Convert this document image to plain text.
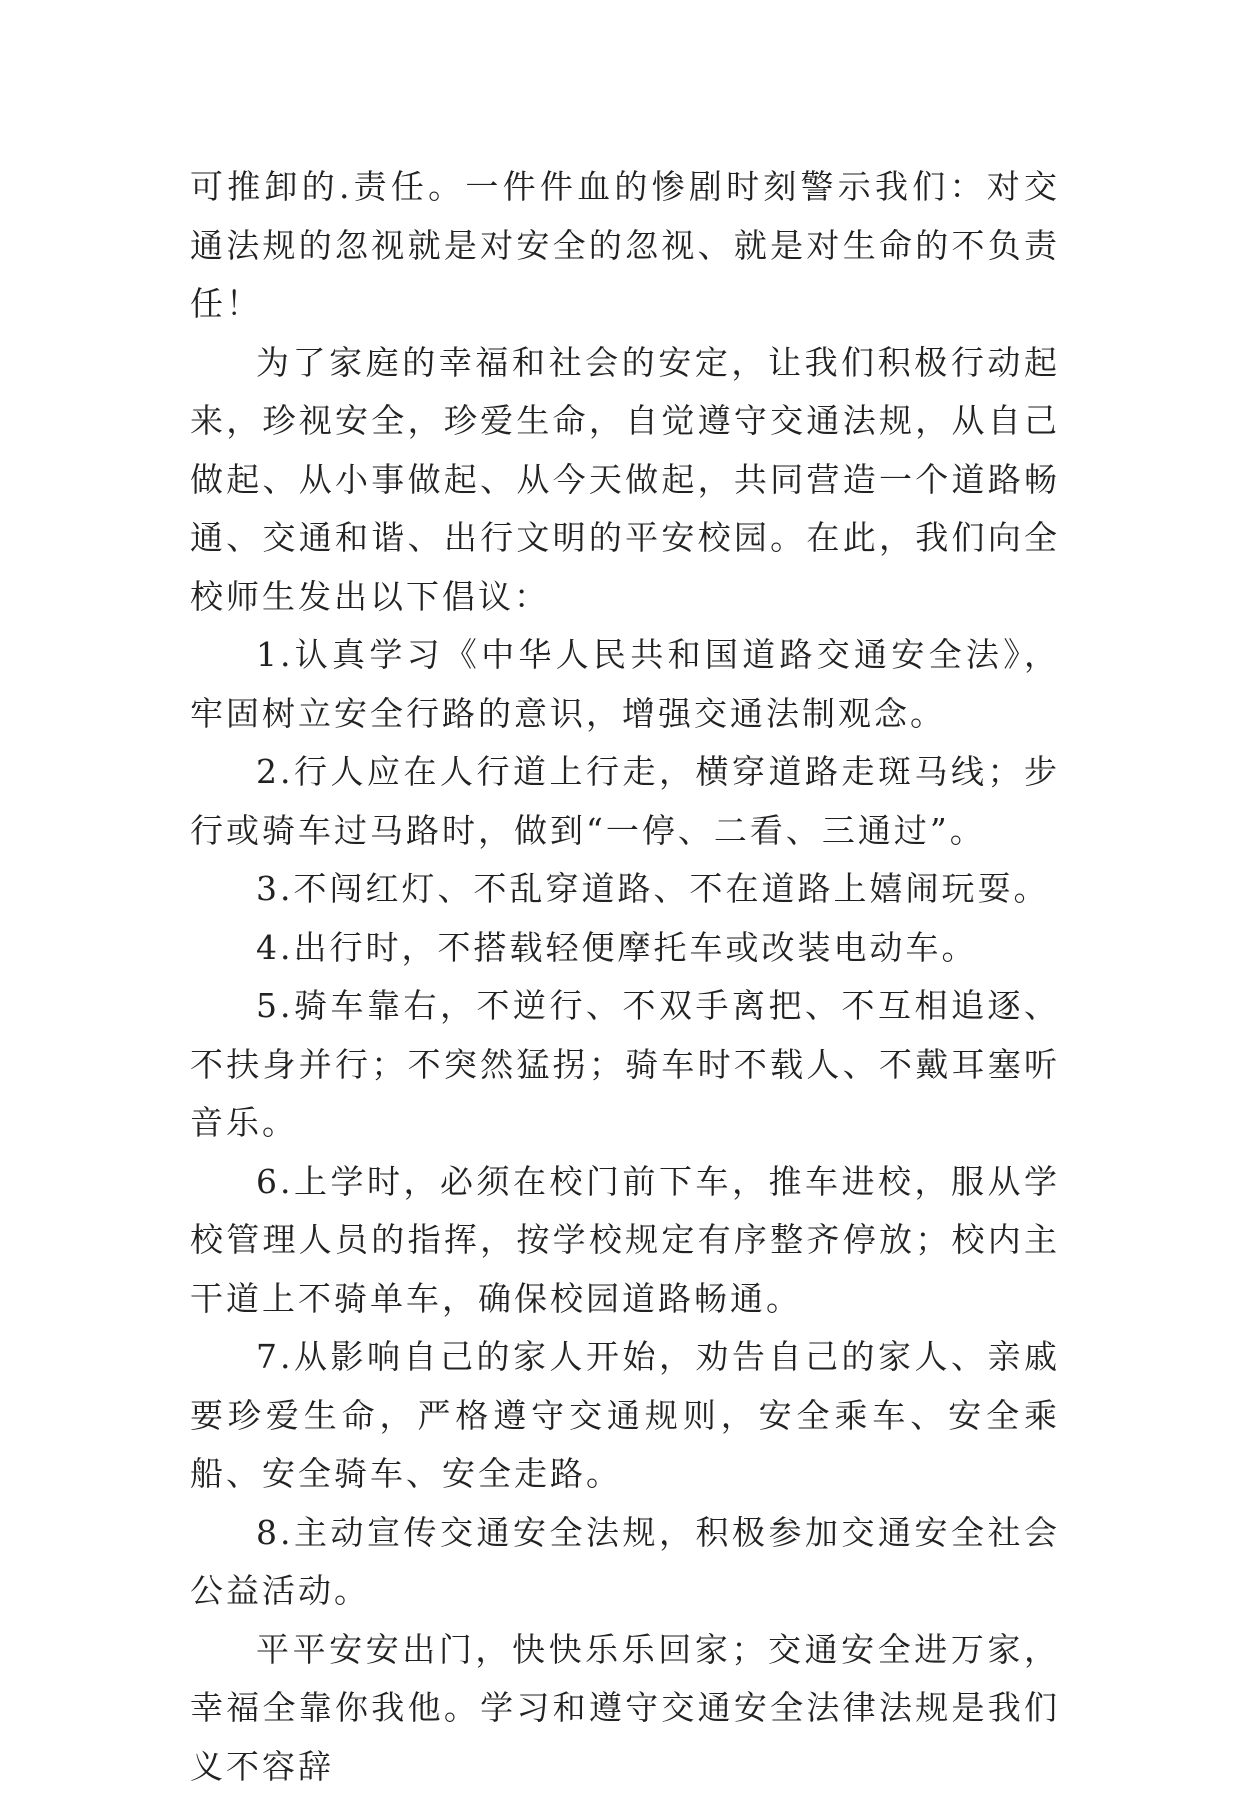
可推卸的.责任。一件件血的惨剧时刻警示我们：对交通法规的忽视就是对安全的忽视、就是对生命的不负责任！

为了家庭的幸福和社会的安定，让我们积极行动起来，珍视安全，珍爱生命，自觉遵守交通法规，从自己做起、从小事做起、从今天做起，共同营造一个道路畅通、交通和谐、出行文明的平安校园。在此，我们向全校师生发出以下倡议：

1.认真学习《中华人民共和国道路交通安全法》，牢固树立安全行路的意识，增强交通法制观念。

2.行人应在人行道上行走，横穿道路走斑马线；步行或骑车过马路时，做到“一停、二看、三通过”。

3.不闯红灯、不乱穿道路、不在道路上嬉闹玩耍。

4.出行时，不搭载轻便摩托车或改装电动车。

5.骑车靠右，不逆行、不双手离把、不互相追逐、不扶身并行；不突然猛拐；骑车时不载人、不戴耳塞听音乐。

6.上学时，必须在校门前下车，推车进校，服从学校管理人员的指挥，按学校规定有序整齐停放；校内主干道上不骑单车，确保校园道路畅通。

7.从影响自己的家人开始，劝告自己的家人、亲戚要珍爱生命，严格遵守交通规则，安全乘车、安全乘船、安全骑车、安全走路。

8.主动宣传交通安全法规，积极参加交通安全社会公益活动。

平平安安出门，快快乐乐回家；交通安全进万家，幸福全靠你我他。学习和遵守交通安全法律法规是我们义不容辞
